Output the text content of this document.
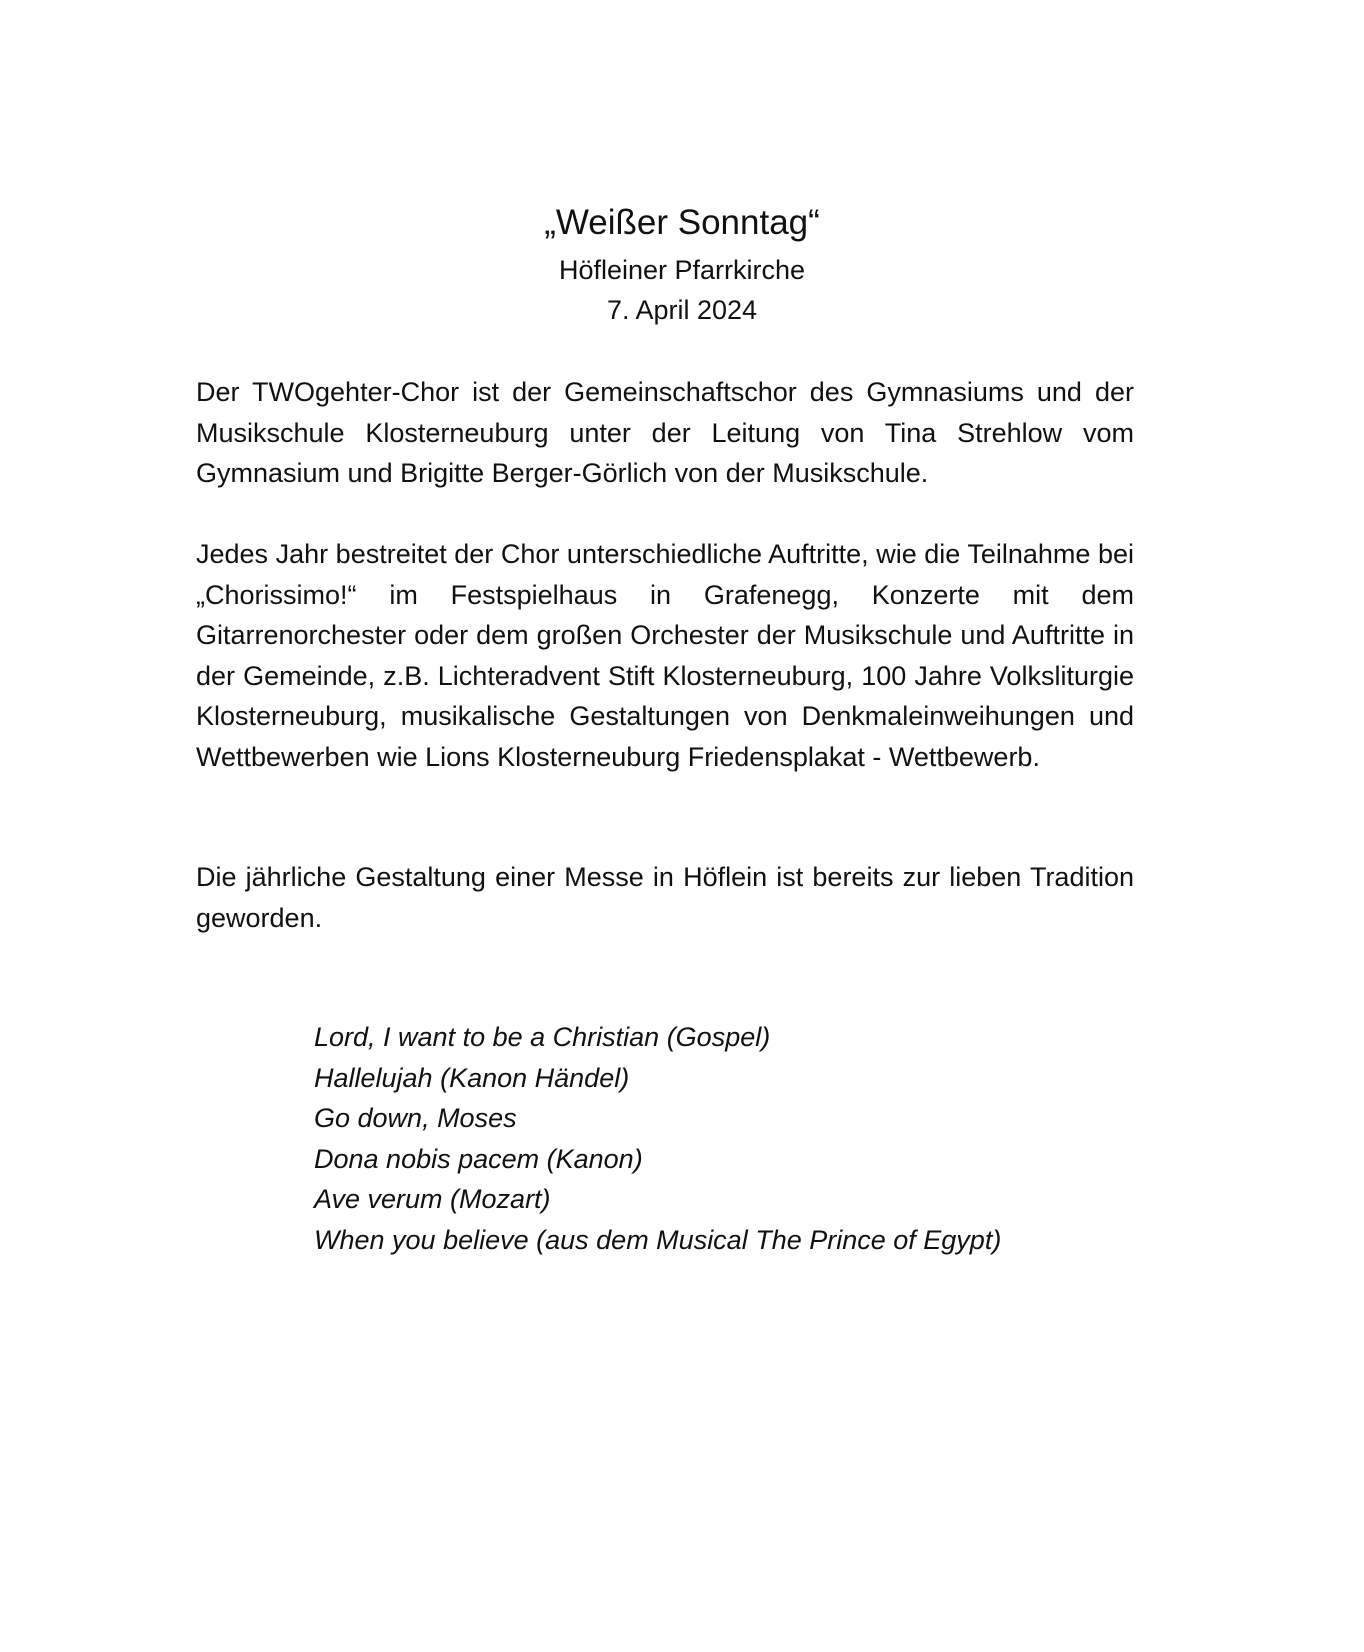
„Weißer Sonntag“
Höfleiner Pfarrkirche
7. April 2024

Der TWOgehter-Chor ist der Gemeinschaftschor des Gymnasiums und der Musikschule Klosterneuburg unter der Leitung von Tina Strehlow vom Gymnasium und Brigitte Berger-Görlich von der Musikschule.

Jedes Jahr bestreitet der Chor unterschiedliche Auftritte, wie die Teilnahme bei „Chorissimo!“ im Festspielhaus in Grafenegg, Konzerte mit dem Gitarrenorchester oder dem großen Orchester der Musikschule und Auftritte in der Gemeinde, z.B. Lichteradvent Stift Klosterneuburg, 100 Jahre Volksliturgie Klosterneuburg, musikalische Gestaltungen von Denkmaleinweihungen und Wettbewerben wie Lions Klosterneuburg Friedensplakat - Wettbewerb.

Die jährliche Gestaltung einer Messe in Höflein ist bereits zur lieben Tradition geworden.

Lord, I want to be a Christian (Gospel)
Hallelujah (Kanon Händel)
Go down, Moses
Dona nobis pacem (Kanon)
Ave verum (Mozart)
When you believe (aus dem Musical The Prince of Egypt)
